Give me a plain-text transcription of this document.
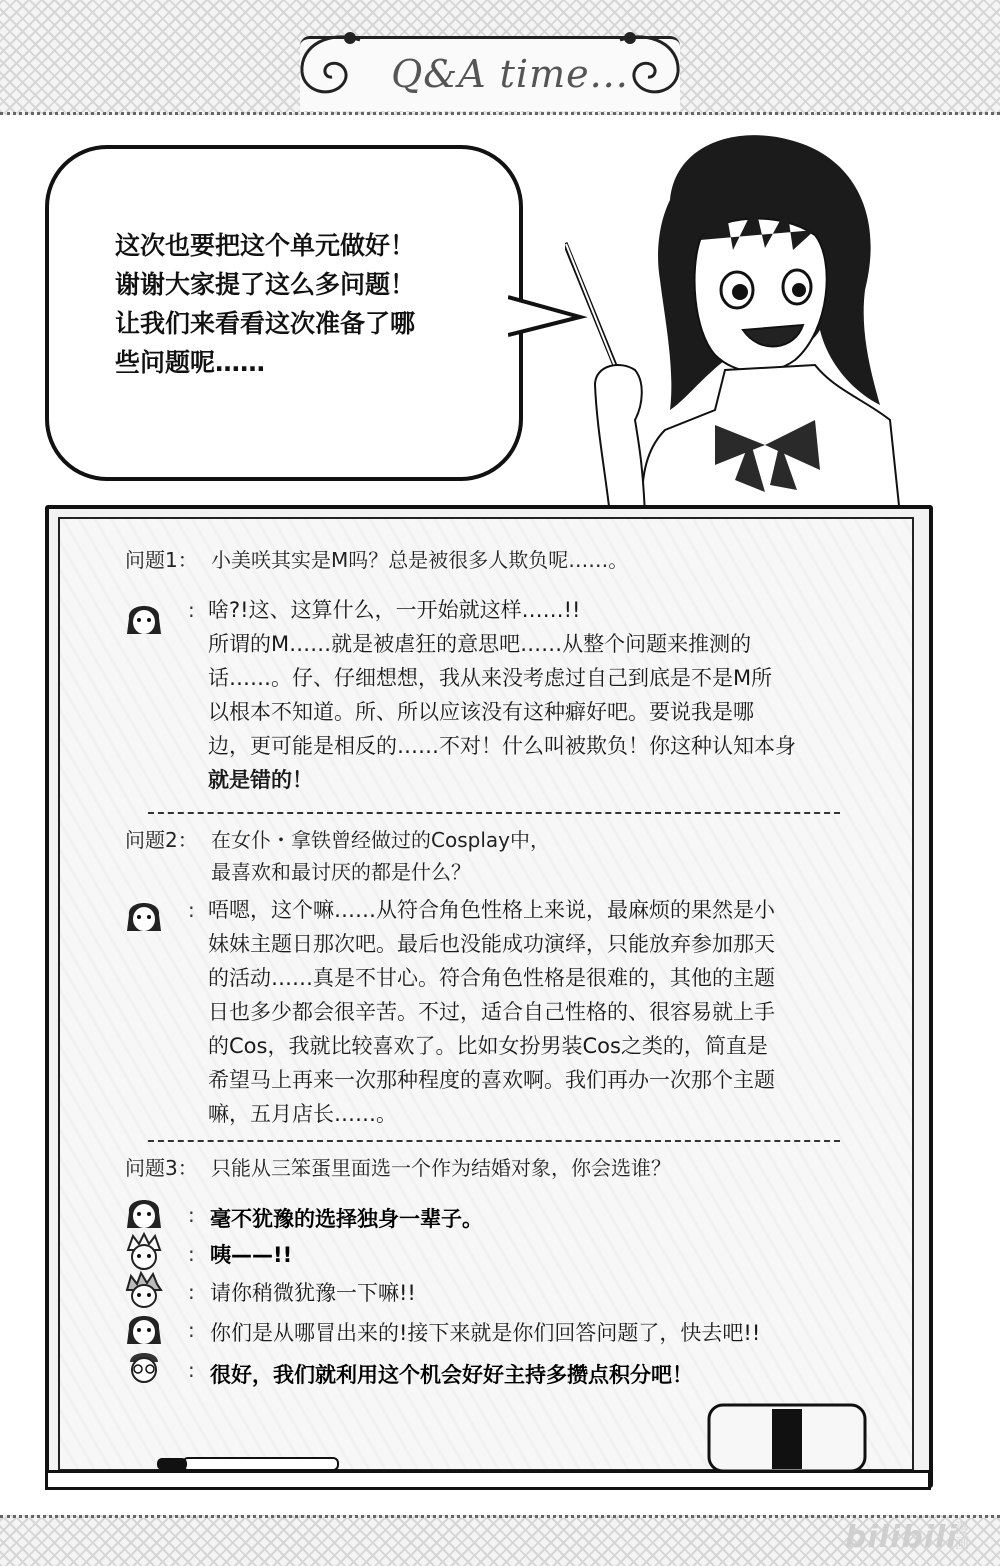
Q&A time...
这次也要把这个单元做好！
谢谢大家提了这么多问题！
让我们来看看这次准备了哪
些问题呢……
问题1： 小美咲其实是M吗？总是被很多人欺负呢……。
: 啥?!这、这算什么，一开始就这样……!!
所谓的M……就是被虐狂的意思吧……从整个问题来推测的
话……。仔、仔细想想，我从来没考虑过自己到底是不是M所
以根本不知道。所、所以应该没有这种癖好吧。要说我是哪
边，更可能是相反的……不对！什么叫被欺负！你这种认知本身
就是错的！
问题2： 在女仆・拿铁曾经做过的Cosplay中，
最喜欢和最讨厌的都是什么？
: 唔嗯，这个嘛……从符合角色性格上来说，最麻烦的果然是小
妹妹主题日那次吧。最后也没能成功演绎，只能放弃参加那天
的活动……真是不甘心。符合角色性格是很难的，其他的主题
日也多少都会很辛苦。不过，适合自己性格的、很容易就上手
的Cos，我就比较喜欢了。比如女扮男装Cos之类的，简直是
希望马上再来一次那种程度的喜欢啊。我们再办一次那个主题
嘛，五月店长……。
问题3： 只能从三笨蛋里面选一个作为结婚对象，你会选谁？
: 毫不犹豫的选择独身一辈子。
: 咦——!!
: 请你稍微犹豫一下嘛!!
: 你们是从哪冒出来的!接下来就是你们回答问题了，快去吧!!
: 很好，我们就利用这个机会好好主持多攒点积分吧！
bilibili
漫画
